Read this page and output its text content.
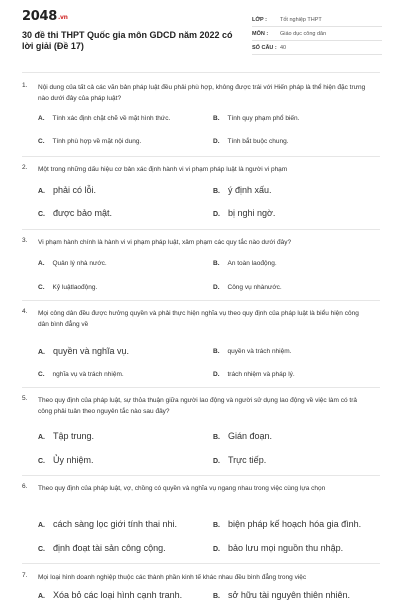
2048.vn
30 đề thi THPT Quốc gia môn GDCD năm 2022 có lời giải (Đề 17)
LỚP :	Tốt nghiệp THPT
MÔN :	Giáo dục công dân
SỐ CÂU : 40
1. Nội dung của tất cả các văn bản pháp luật đều phải phù hợp, không được trái với Hiến pháp là thể hiện đặc trưng nào dưới đây của pháp luật?
A. Tính xác định chặt chẽ về mặt hình thức.	B. Tính quy phạm phổ biến.
C. Tính phù hợp về mặt nội dung.	D. Tính bắt buộc chung.
2. Một trong những dấu hiệu cơ bản xác định hành vi vi phạm pháp luật là người vi phạm
A. phải có lỗi.	B. ý định xấu.
C. được bảo mật.	D. bị nghi ngờ.
3. Vi phạm hành chính là hành vi vi phạm pháp luật, xâm phạm các quy tắc nào dưới đây?
A. Quản lý nhà nước.	B. An toàn laođộng.
C. Kỷ luậtlaođộng.	D. Công vụ nhànước.
4. Mọi công dân đều được hưởng quyền và phải thực hiện nghĩa vụ theo quy định của pháp luật là biểu hiện công dân bình đẳng về
A. quyền và nghĩa vụ.	B. quyền và trách nhiệm.
C. nghĩa vụ và trách nhiệm.	D. trách nhiệm và pháp lý.
5. Theo quy định của pháp luật, sự thỏa thuận giữa người lao động và người sử dụng lao động về việc làm có trả công phải tuân theo nguyên tắc nào sau đây?
A. Tập trung.	B. Gián đoạn.
C. Ủy nhiệm.	D. Trực tiếp.
6. Theo quy định của pháp luật, vợ, chồng có quyền và nghĩa vụ ngang nhau trong việc cùng lựa chọn
A. cách sàng lọc giới tính thai nhi.	B. biện pháp kế hoạch hóa gia đình.
C. định đoạt tài sản công cộng.	D. bảo lưu mọi nguồn thu nhập.
7. Mọi loại hình doanh nghiệp thuộc các thành phần kinh tế khác nhau đều bình đẳng trong việc
A. Xóa bỏ các loại hình cạnh tranh.	B. sở hữu tài nguyên thiên nhiên.
